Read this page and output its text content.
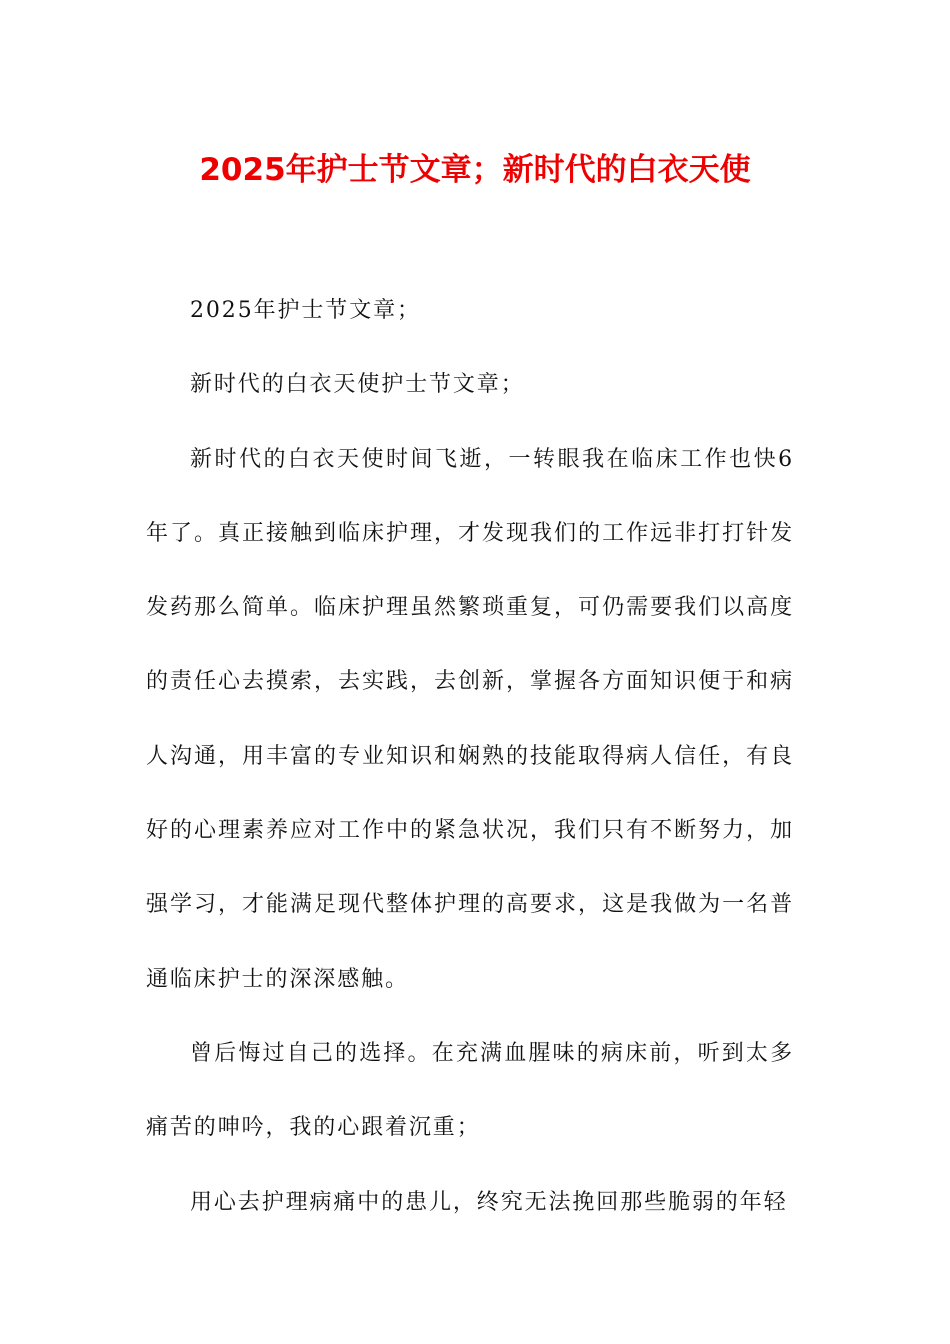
2025年护士节文章；新时代的白衣天使

2025年护士节文章；

新时代的白衣天使护士节文章；

新时代的白衣天使时间飞逝，一转眼我在临床工作也快6年了。真正接触到临床护理，才发现我们的工作远非打打针发发药那么简单。临床护理虽然繁琐重复，可仍需要我们以高度的责任心去摸索，去实践，去创新，掌握各方面知识便于和病人沟通，用丰富的专业知识和娴熟的技能取得病人信任，有良好的心理素养应对工作中的紧急状况，我们只有不断努力，加强学习，才能满足现代整体护理的高要求，这是我做为一名普通临床护士的深深感触。

曾后悔过自己的选择。在充满血腥味的病床前，听到太多痛苦的呻吟，我的心跟着沉重；

用心去护理病痛中的患儿，终究无法挽回那些脆弱的年轻
